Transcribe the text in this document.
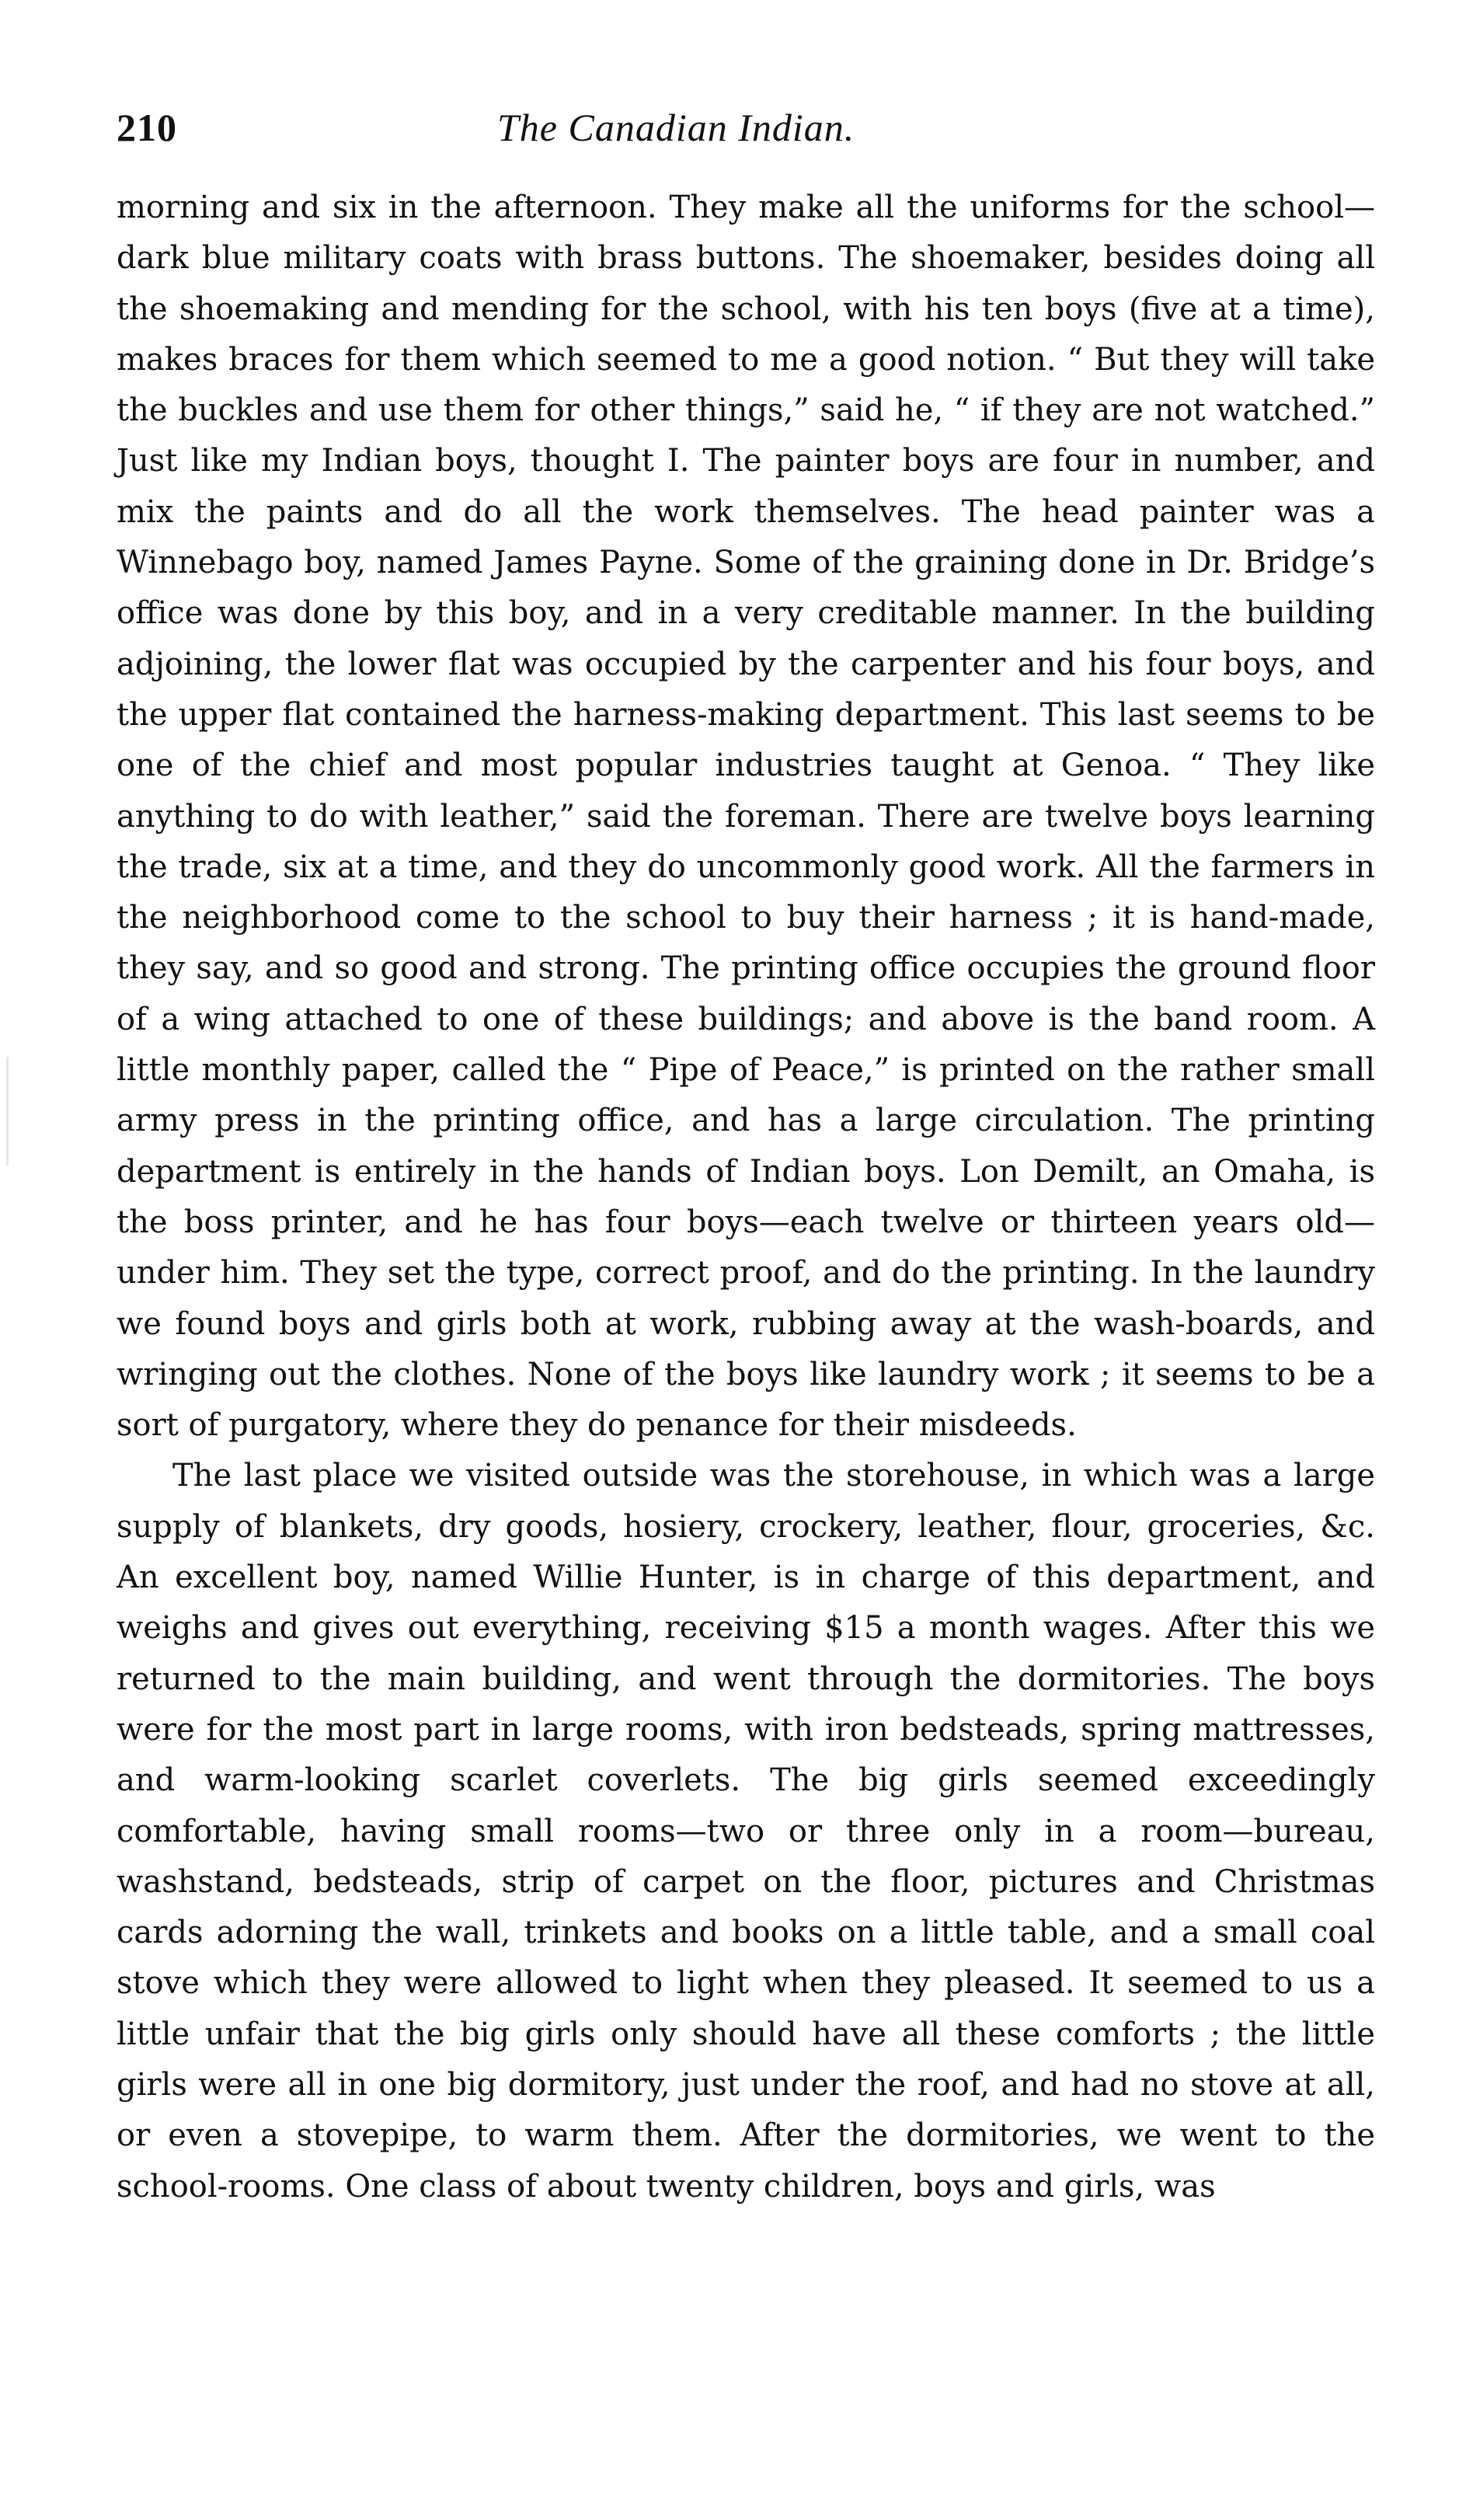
210	The Canadian Indian.

morning and six in the afternoon. They make all the uniforms for the school—dark blue military coats with brass buttons. The shoemaker, besides doing all the shoemaking and mending for the school, with his ten boys (five at a time), makes braces for them which seemed to me a good notion. “ But they will take the buckles and use them for other things,” said he, “ if they are not watched.” Just like my Indian boys, thought I. The painter boys are four in number, and mix the paints and do all the work themselves. The head painter was a Winnebago boy, named James Payne. Some of the graining done in Dr. Bridge’s office was done by this boy, and in a very creditable manner. In the building adjoining, the lower flat was occupied by the carpenter and his four boys, and the upper flat contained the harness-making department. This last seems to be one of the chief and most popular industries taught at Genoa. “ They like anything to do with leather,” said the foreman. There are twelve boys learning the trade, six at a time, and they do uncommonly good work. All the farmers in the neighborhood come to the school to buy their harness ; it is hand-made, they say, and so good and strong. The printing office occupies the ground floor of a wing attached to one of these buildings; and above is the band room. A little monthly paper, called the “ Pipe of Peace,” is printed on the rather small army press in the printing office, and has a large circulation. The printing department is entirely in the hands of Indian boys. Lon Demilt, an Omaha, is the boss printer, and he has four boys—each twelve or thirteen years old—under him. They set the type, correct proof, and do the printing. In the laundry we found boys and girls both at work, rubbing away at the wash-boards, and wringing out the clothes. None of the boys like laundry work ; it seems to be a sort of purgatory, where they do penance for their misdeeds.

The last place we visited outside was the storehouse, in which was a large supply of blankets, dry goods, hosiery, crockery, leather, flour, groceries, &c. An excellent boy, named Willie Hunter, is in charge of this department, and weighs and gives out everything, receiving $15 a month wages. After this we returned to the main building, and went through the dormitories. The boys were for the most part in large rooms, with iron bedsteads, spring mattresses, and warm-looking scarlet coverlets. The big girls seemed exceedingly comfortable, having small rooms—two or three only in a room—bureau, washstand, bedsteads, strip of carpet on the floor, pictures and Christmas cards adorning the wall, trinkets and books on a little table, and a small coal stove which they were allowed to light when they pleased. It seemed to us a little unfair that the big girls only should have all these comforts ; the little girls were all in one big dormitory, just under the roof, and had no stove at all, or even a stovepipe, to warm them. After the dormitories, we went to the school-rooms. One class of about twenty children, boys and girls, was
